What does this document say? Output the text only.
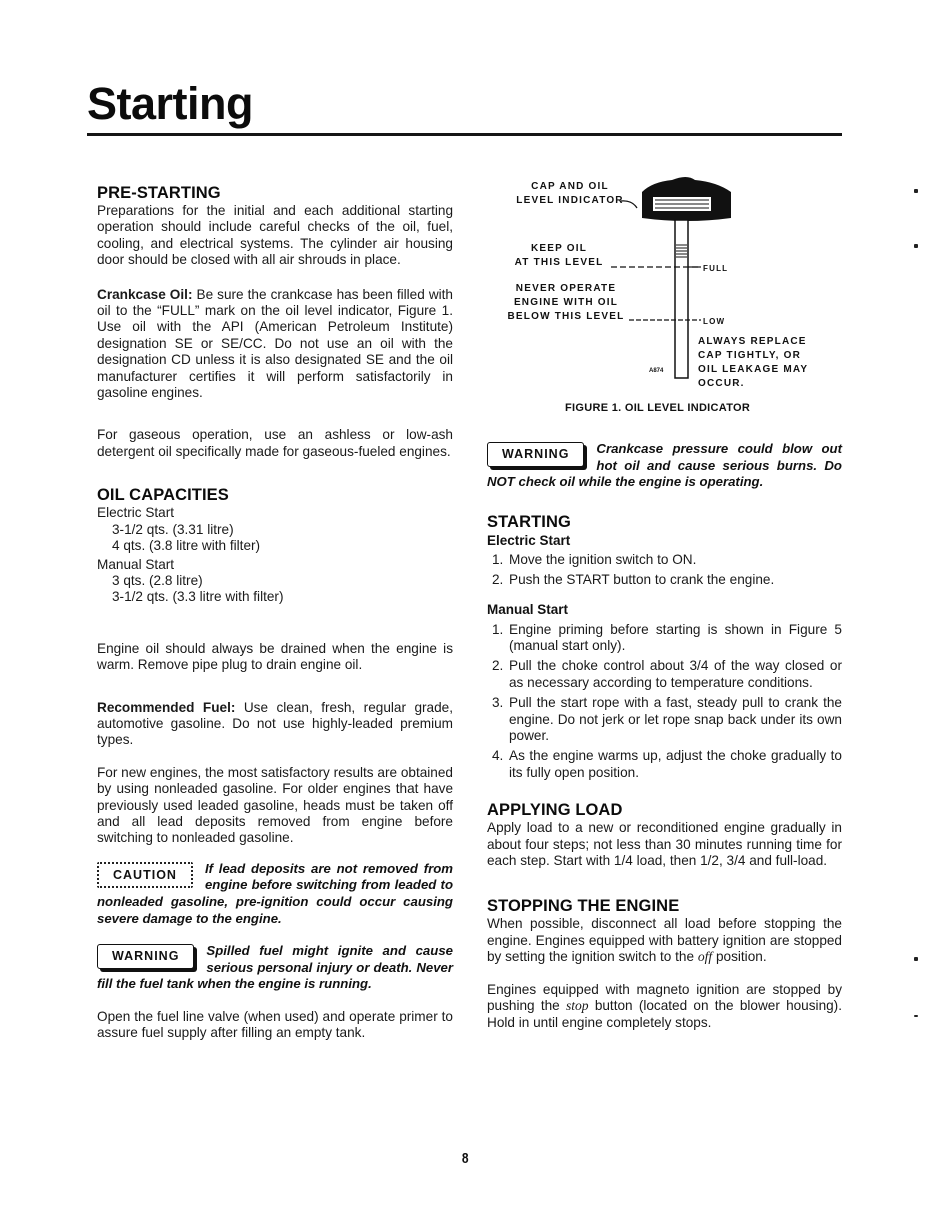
Starting
PRE-STARTING

Preparations for the initial and each additional starting operation should include careful checks of the oil, fuel, cooling, and electrical systems. The cylinder air housing door should be closed with all air shrouds in place.

Crankcase Oil: Be sure the crankcase has been filled with oil to the “FULL” mark on the oil level indicator, Figure 1. Use oil with the API (American Petroleum Institute) designation SE or SE/CC. Do not use an oil with the designation CD unless it is also designated SE and the oil manufacturer certifies it will perform satisfactorily in gasoline engines.

For gaseous operation, use an ashless or low-ash detergent oil specifically made for gaseous-fueled engines.

OIL CAPACITIES
Electric Start
3-1/2 qts. (3.31 litre)
4 qts. (3.8 litre with filter)
Manual Start
3 qts. (2.8 litre)
3-1/2 qts. (3.3 litre with filter)

Engine oil should always be drained when the engine is warm. Remove pipe plug to drain engine oil.

Recommended Fuel: Use clean, fresh, regular grade, automotive gasoline. Do not use highly-leaded premium types.

For new engines, the most satisfactory results are obtained by using nonleaded gasoline. For older engines that have previously used leaded gasoline, heads must be taken off and all lead deposits removed from engine before switching to nonleaded gasoline.

CAUTION	If lead deposits are not removed from engine before switching from leaded to nonleaded gasoline, pre-ignition could occur causing severe damage to the engine.
WARNING	Spilled fuel might ignite and cause serious personal injury or death. Never fill the fuel tank when the engine is running.

Open the fuel line valve (when used) and operate primer to assure fuel supply after filling an empty tank.

CAP AND OIL
LEVEL INDICATOR
KEEP OIL
AT THIS LEVEL
NEVER OPERATE
ENGINE WITH OIL
BELOW THIS LEVEL
FULL
LOW
ALWAYS REPLACE
CAP TIGHTLY, OR
OIL LEAKAGE MAY
OCCUR.
A874
FIGURE 1. OIL LEVEL INDICATOR
WARNING	Crankcase pressure could blow out hot oil and cause serious burns. Do NOT check oil while the engine is operating.
STARTING
Electric Start
1. Move the ignition switch to ON.
2. Push the START button to crank the engine.
Manual Start
1. Engine priming before starting is shown in Figure 5 (manual start only).
2. Pull the choke control about 3/4 of the way closed or as necessary according to temperature conditions.
3. Pull the start rope with a fast, steady pull to crank the engine. Do not jerk or let rope snap back under its own power.
4. As the engine warms up, adjust the choke gradually to its fully open position.
APPLYING LOAD

Apply load to a new or reconditioned engine gradually in about four steps; not less than 30 minutes running time for each step. Start with 1/4 load, then 1/2, 3/4 and full-load.

STOPPING THE ENGINE

When possible, disconnect all load before stopping the engine. Engines equipped with battery ignition are stopped by setting the ignition switch to the off position.

Engines equipped with magneto ignition are stopped by pushing the stop button (located on the blower housing). Hold in until engine completely stops.

8
